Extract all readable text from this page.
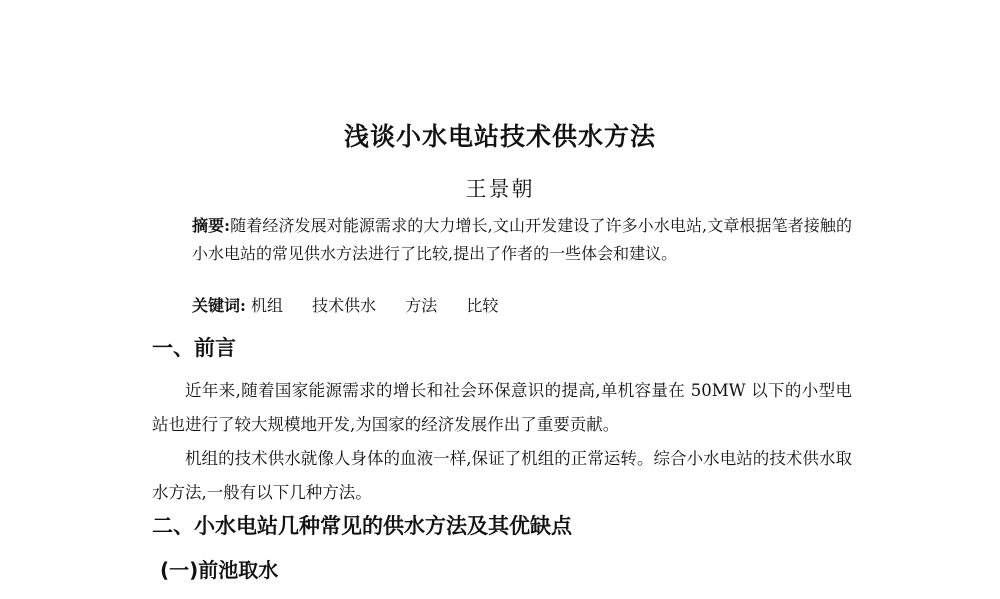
浅谈小水电站技术供水方法
王景朝
摘要:随着经济发展对能源需求的大力增长,文山开发建设了许多小水电站,文章根据笔者接触的小水电站的常见供水方法进行了比较,提出了作者的一些体会和建议。
关键词: 机组 技术供水 方法 比较
一、前言
近年来,随着国家能源需求的增长和社会环保意识的提高,单机容量在 50MW 以下的小型电站也进行了较大规模地开发,为国家的经济发展作出了重要贡献。
机组的技术供水就像人身体的血液一样,保证了机组的正常运转。综合小水电站的技术供水取水方法,一般有以下几种方法。
二、小水电站几种常见的供水方法及其优缺点
(一)前池取水
